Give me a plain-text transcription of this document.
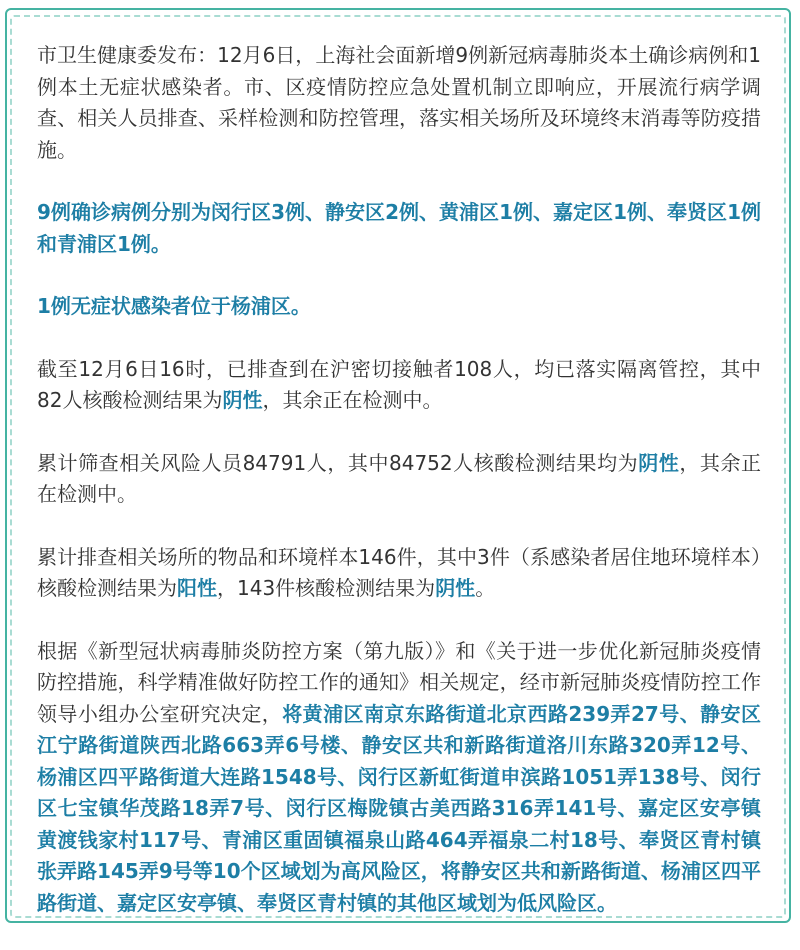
市卫生健康委发布：12月6日，上海社会面新增9例新冠病毒肺炎本土确诊病例和1例本土无症状感染者。市、区疫情防控应急处置机制立即响应，开展流行病学调查、相关人员排查、采样检测和防控管理，落实相关场所及环境终末消毒等防疫措施。

9例确诊病例分别为闵行区3例、静安区2例、黄浦区1例、嘉定区1例、奉贤区1例和青浦区1例。

1例无症状感染者位于杨浦区。

截至12月6日16时，已排查到在沪密切接触者108人，均已落实隔离管控，其中82人核酸检测结果为阴性，其余正在检测中。

累计筛查相关风险人员84791人，其中84752人核酸检测结果均为阴性，其余正在检测中。

累计排查相关场所的物品和环境样本146件，其中3件（系感染者居住地环境样本）核酸检测结果为阳性，143件核酸检测结果为阴性。

根据《新型冠状病毒肺炎防控方案（第九版）》和《关于进一步优化新冠肺炎疫情防控措施，科学精准做好防控工作的通知》相关规定，经市新冠肺炎疫情防控工作领导小组办公室研究决定，将黄浦区南京东路街道北京西路239弄27号、静安区江宁路街道陕西北路663弄6号楼、静安区共和新路街道洛川东路320弄12号、杨浦区四平路街道大连路1548号、闵行区新虹街道申滨路1051弄138号、闵行区七宝镇华茂路18弄7号、闵行区梅陇镇古美西路316弄141号、嘉定区安亭镇黄渡钱家村117号、青浦区重固镇福泉山路464弄福泉二村18号、奉贤区青村镇张弄路145弄9号等10个区域划为高风险区，将静安区共和新路街道、杨浦区四平路街道、嘉定区安亭镇、奉贤区青村镇的其他区域划为低风险区。
